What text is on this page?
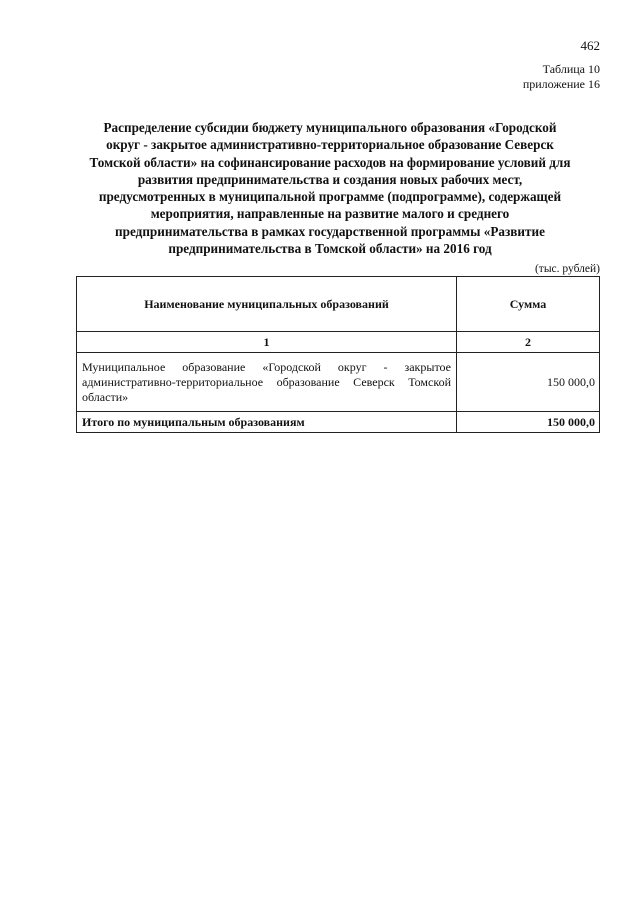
462
Таблица 10
приложение 16
Распределение субсидии бюджету муниципального образования «Городской
округ - закрытое административно-территориальное образование Северск
Томской области» на софинансирование расходов на формирование условий для
развития предпринимательства и создания новых рабочих мест,
предусмотренных в муниципальной программе (подпрограмме), содержащей
мероприятия, направленные на развитие малого и среднего
предпринимательства в рамках государственной программы «Развитие
предпринимательства в Томской области» на 2016 год
(тыс. рублей)
Наименование муниципальных образований	Сумма
1	2
Муниципальное образование «Городской округ - закрытое административно-территориальное образование Северск Томской области»	150 000,0
Итого по муниципальным образованиям	150 000,0
